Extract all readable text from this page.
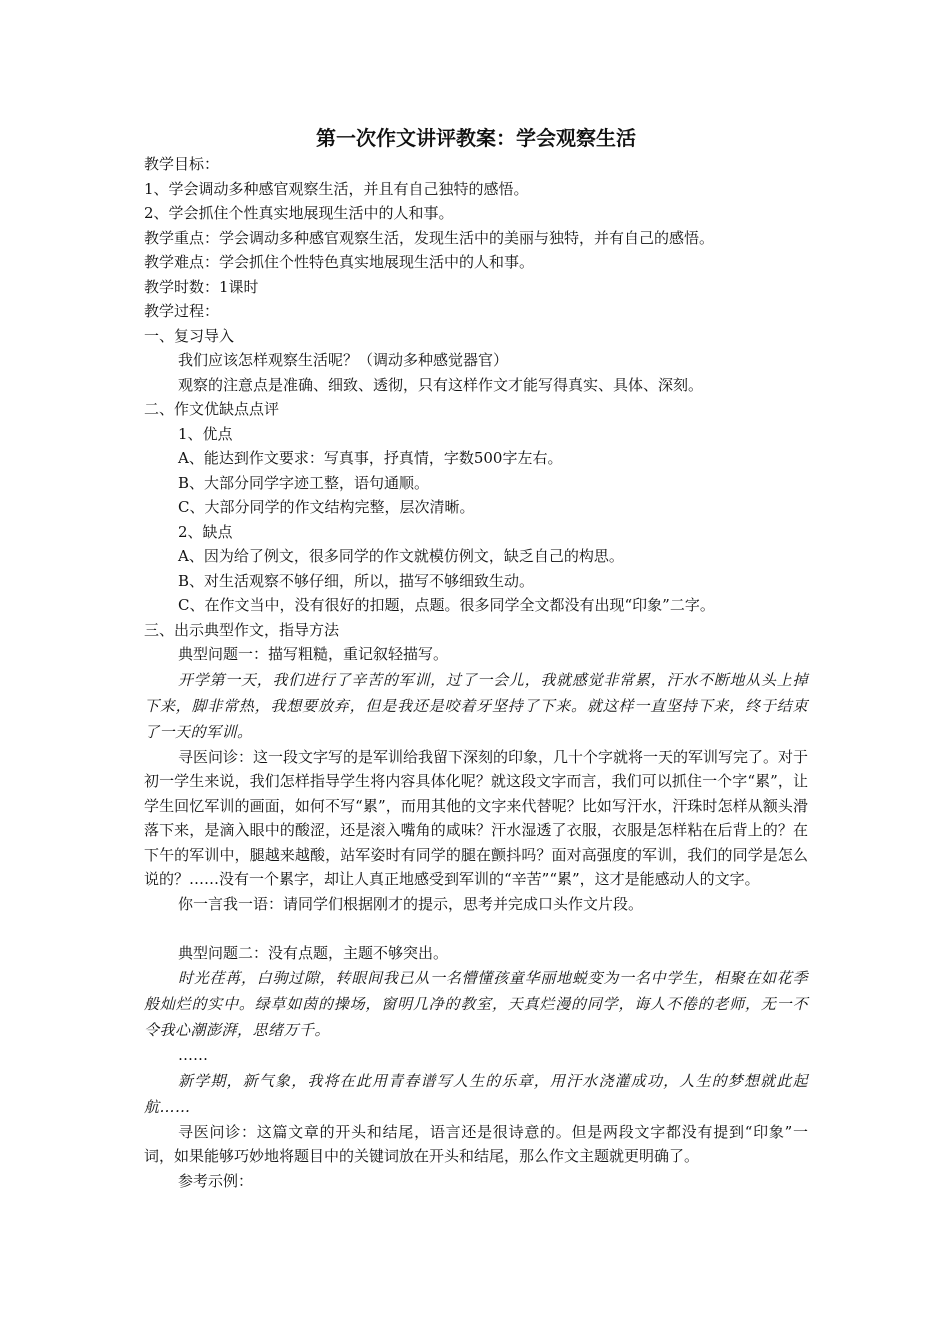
第一次作文讲评教案：学会观察生活
教学目标：
1、学会调动多种感官观察生活，并且有自己独特的感悟。
2、学会抓住个性真实地展现生活中的人和事。
教学重点：学会调动多种感官观察生活，发现生活中的美丽与独特，并有自己的感悟。
教学难点：学会抓住个性特色真实地展现生活中的人和事。
教学时数：1课时
教学过程：
一、复习导入
我们应该怎样观察生活呢？（调动多种感觉器官）
观察的注意点是准确、细致、透彻，只有这样作文才能写得真实、具体、深刻。
二、作文优缺点点评
1、优点
A、能达到作文要求：写真事，抒真情，字数500字左右。
B、大部分同学字迹工整，语句通顺。
C、大部分同学的作文结构完整，层次清晰。
2、缺点
A、因为给了例文，很多同学的作文就模仿例文，缺乏自己的构思。
B、对生活观察不够仔细，所以，描写不够细致生动。
C、在作文当中，没有很好的扣题，点题。很多同学全文都没有出现“印象”二字。
三、出示典型作文，指导方法
典型问题一：描写粗糙，重记叙轻描写。
开学第一天，我们进行了辛苦的军训，过了一会儿，我就感觉非常累，汗水不断地从头上掉下来，脚非常热，我想要放弃，但是我还是咬着牙坚持了下来。就这样一直坚持下来，终于结束了一天的军训。
寻医问诊：这一段文字写的是军训给我留下深刻的印象，几十个字就将一天的军训写完了。对于初一学生来说，我们怎样指导学生将内容具体化呢？就这段文字而言，我们可以抓住一个字“累”，让学生回忆军训的画面，如何不写“累”，而用其他的文字来代替呢？比如写汗水，汗珠时怎样从额头滑落下来，是滴入眼中的酸涩，还是滚入嘴角的咸味？汗水湿透了衣服，衣服是怎样粘在后背上的？在下午的军训中，腿越来越酸，站军姿时有同学的腿在颤抖吗？面对高强度的军训，我们的同学是怎么说的？……没有一个累字，却让人真正地感受到军训的“辛苦”“累”，这才是能感动人的文字。
你一言我一语：请同学们根据刚才的提示，思考并完成口头作文片段。
典型问题二：没有点题，主题不够突出。
时光荏苒，白驹过隙，转眼间我已从一名懵懂孩童华丽地蜕变为一名中学生，相聚在如花季般灿烂的实中。绿草如茵的操场，窗明几净的教室，天真烂漫的同学，诲人不倦的老师，无一不令我心潮澎湃，思绪万千。
……
新学期，新气象，我将在此用青春谱写人生的乐章，用汗水浇灌成功，人生的梦想就此起航……
寻医问诊：这篇文章的开头和结尾，语言还是很诗意的。但是两段文字都没有提到“印象”一词，如果能够巧妙地将题目中的关键词放在开头和结尾，那么作文主题就更明确了。
参考示例：
